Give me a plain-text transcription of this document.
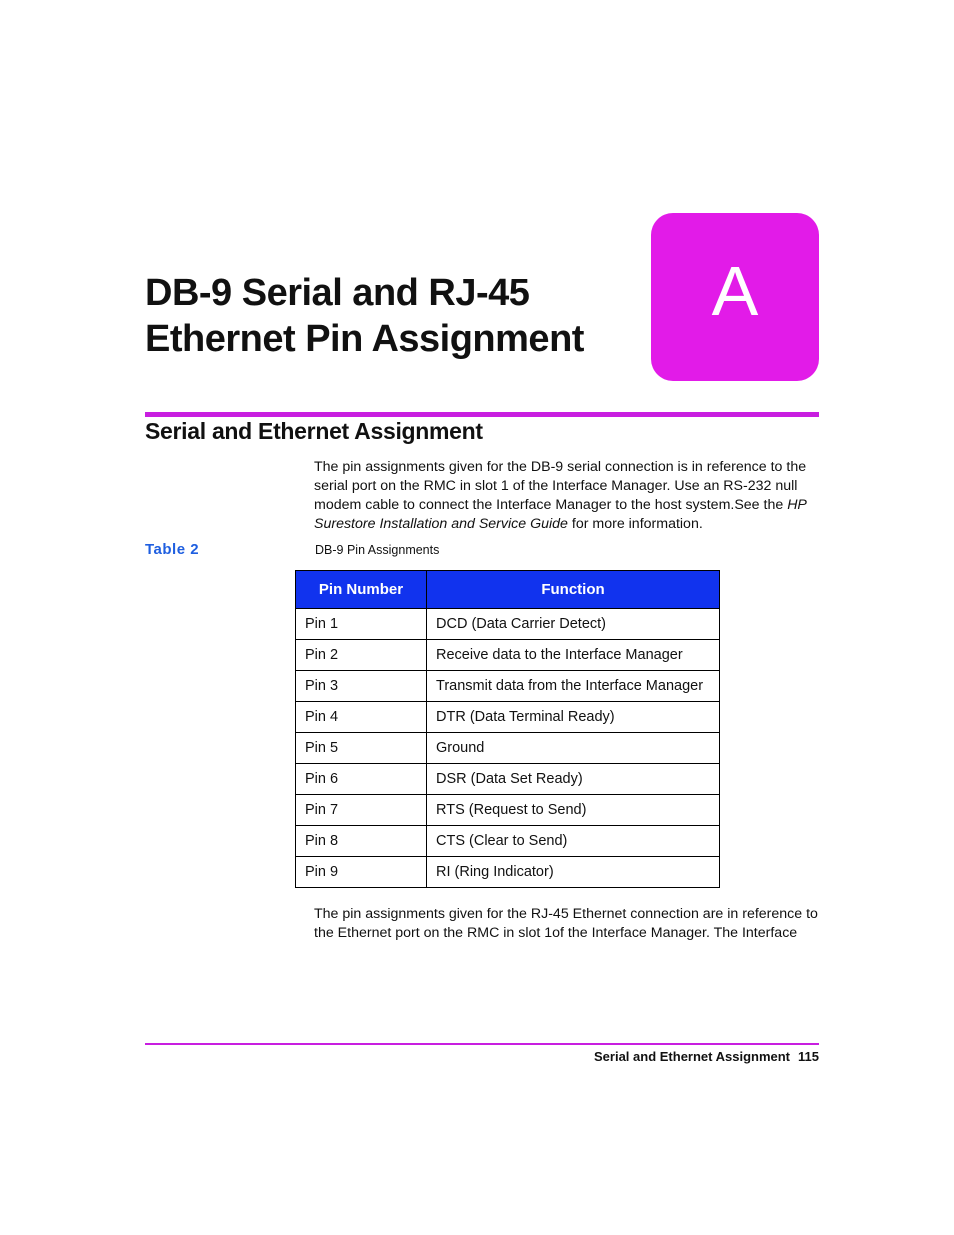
DB-9 Serial and RJ-45
Ethernet Pin Assignment
A
Serial and Ethernet Assignment
The pin assignments given for the DB-9 serial connection is in reference to the serial port on the RMC in slot 1 of the Interface Manager. Use an RS-232 null modem cable to connect the Interface Manager to the host system.See the HP Surestore Installation and Service Guide for more information.
Table 2	DB-9 Pin Assignments
Pin Number	Function
Pin 1	DCD (Data Carrier Detect)
Pin 2	Receive data to the Interface Manager
Pin 3	Transmit data from the Interface Manager
Pin 4	DTR (Data Terminal Ready)
Pin 5	Ground
Pin 6	DSR (Data Set Ready)
Pin 7	RTS (Request to Send)
Pin 8	CTS (Clear to Send)
Pin 9	RI (Ring Indicator)
The pin assignments given for the RJ-45 Ethernet connection are in reference to the Ethernet port on the RMC in slot 1of the Interface Manager. The Interface
Serial and Ethernet Assignment 115
